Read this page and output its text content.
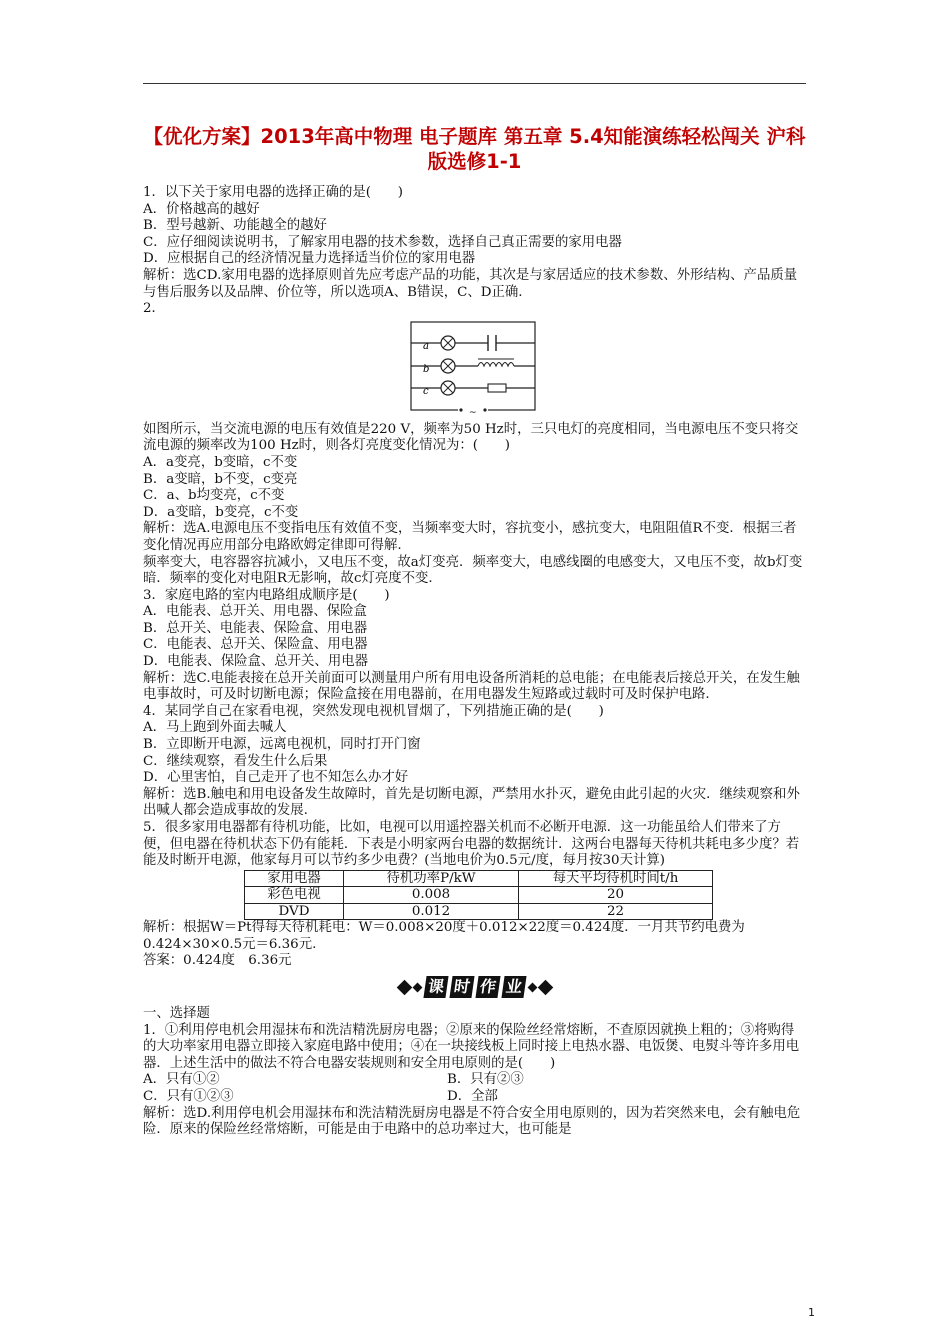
【优化方案】2013年高中物理 电子题库 第五章 5.4知能演练轻松闯关 沪科版选修1-1

1．以下关于家用电器的选择正确的是(　　)

A．价格越高的越好

B．型号越新、功能越全的越好

C．应仔细阅读说明书，了解家用电器的技术参数，选择自己真正需要的家用电器

D．应根据自己的经济情况量力选择适当价位的家用电器

解析：选CD.家用电器的选择原则首先应考虑产品的功能，其次是与家居适应的技术参数、外形结构、产品质量与售后服务以及品牌、价位等，所以选项A、B错误，C、D正确.

2．

a
b
c
~

如图所示，当交流电源的电压有效值是220 V，频率为50 Hz时，三只电灯的亮度相同，当电源电压不变只将交流电源的频率改为100 Hz时，则各灯亮度变化情况为：(　　)

A．a变亮，b变暗，c不变

B．a变暗，b不变，c变亮

C．a、b均变亮，c不变

D．a变暗，b变亮，c不变

解析：选A.电源电压不变指电压有效值不变，当频率变大时，容抗变小，感抗变大，电阻阻值R不变．根据三者变化情况再应用部分电路欧姆定律即可得解.

频率变大，电容器容抗减小，又电压不变，故a灯变亮．频率变大，电感线圈的电感变大，又电压不变，故b灯变暗．频率的变化对电阻R无影响，故c灯亮度不变.

3．家庭电路的室内电路组成顺序是(　　)

A．电能表、总开关、用电器、保险盒

B．总开关、电能表、保险盒、用电器

C．电能表、总开关、保险盒、用电器

D．电能表、保险盒、总开关、用电器

解析：选C.电能表接在总开关前面可以测量用户所有用电设备所消耗的总电能；在电能表后接总开关，在发生触电事故时，可及时切断电源；保险盒接在用电器前，在用电器发生短路或过载时可及时保护电路.

4．某同学自己在家看电视，突然发现电视机冒烟了，下列措施正确的是(　　)

A．马上跑到外面去喊人

B．立即断开电源，远离电视机，同时打开门窗

C．继续观察，看发生什么后果

D．心里害怕，自己走开了也不知怎么办才好

解析：选B.触电和用电设备发生故障时，首先是切断电源，严禁用水扑灭，避免由此引起的火灾．继续观察和外出喊人都会造成事故的发展.

5．很多家用电器都有待机功能，比如，电视可以用遥控器关机而不必断开电源．这一功能虽给人们带来了方便，但电器在待机状态下仍有能耗．下表是小明家两台电器的数据统计．这两台电器每天待机共耗电多少度？若能及时断开电源，他家每月可以节约多少电费？(当地电价为0.5元/度，每月按30天计算)

家用电器	待机功率P/kW	每天平均待机时间t/h
彩色电视	0.008	20
DVD	0.012	22

解析：根据W＝Pt得每天待机耗电：W＝0.008×20度＋0.012×22度＝0.424度．一月共节约电费为0.424×30×0.5元＝6.36元.

答案：0.424度　6.36元

课 时 作 业

一、选择题

1．①利用停电机会用湿抹布和洗洁精洗厨房电器；②原来的保险丝经常熔断，不查原因就换上粗的；③将购得的大功率家用电器立即接入家庭电路中使用；④在一块接线板上同时接上电热水器、电饭煲、电熨斗等许多用电器．上述生活中的做法不符合电器安装规则和安全用电原则的是(　　)

A．只有①②	B．只有②③
C．只有①②③	D．全部

解析：选D.利用停电机会用湿抹布和洗洁精洗厨房电器是不符合安全用电原则的，因为若突然来电，会有触电危险．原来的保险丝经常熔断，可能是由于电路中的总功率过大，也可能是

1
